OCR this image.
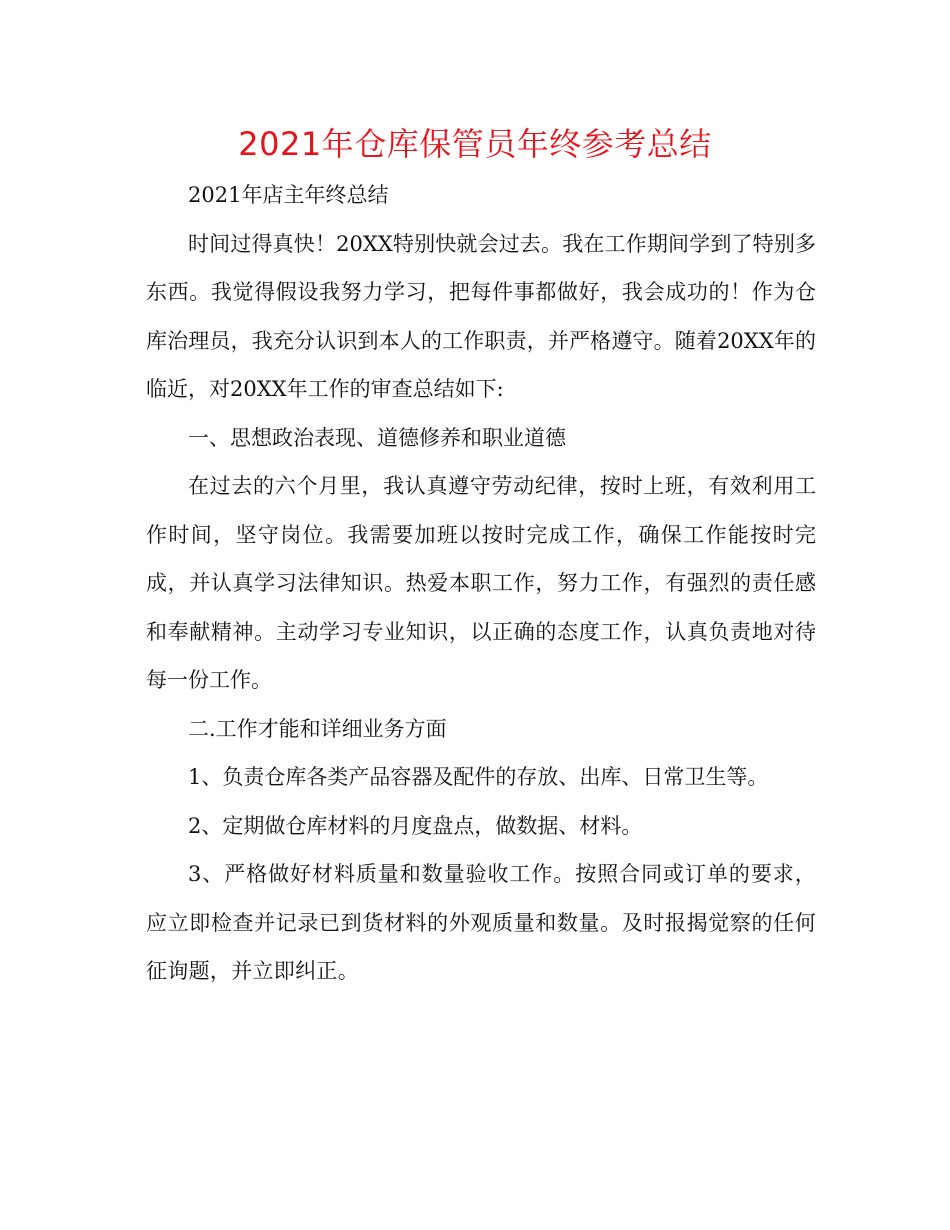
2021年仓库保管员年终参考总结

2021年店主年终总结

时间过得真快！20XX特别快就会过去。我在工作期间学到了特别多东西。我觉得假设我努力学习，把每件事都做好，我会成功的！作为仓库治理员，我充分认识到本人的工作职责，并严格遵守。随着20XX年的临近，对20XX年工作的审查总结如下:

一、思想政治表现、道德修养和职业道德

在过去的六个月里，我认真遵守劳动纪律，按时上班，有效利用工作时间，坚守岗位。我需要加班以按时完成工作，确保工作能按时完成，并认真学习法律知识。热爱本职工作，努力工作，有强烈的责任感和奉献精神。主动学习专业知识，以正确的态度工作，认真负责地对待每一份工作。

二.工作才能和详细业务方面

1、负责仓库各类产品容器及配件的存放、出库、日常卫生等。

2、定期做仓库材料的月度盘点，做数据、材料。

3、严格做好材料质量和数量验收工作。按照合同或订单的要求，应立即检查并记录已到货材料的外观质量和数量。及时报揭觉察的任何征询题，并立即纠正。
